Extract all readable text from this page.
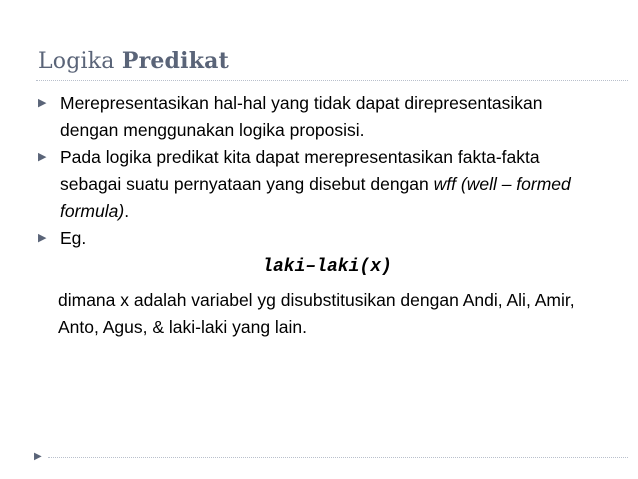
Logika Predikat
▶ Merepresentasikan hal-hal yang tidak dapat direpresentasikan dengan menggunakan logika proposisi.
▶ Pada logika predikat kita dapat merepresentasikan fakta-fakta sebagai suatu pernyataan yang disebut dengan wff (well – formed formula).
▶ Eg.
laki–laki(x)
dimana x adalah variabel yg disubstitusikan dengan Andi, Ali, Amir, Anto, Agus, & laki-laki yang lain.
▶
